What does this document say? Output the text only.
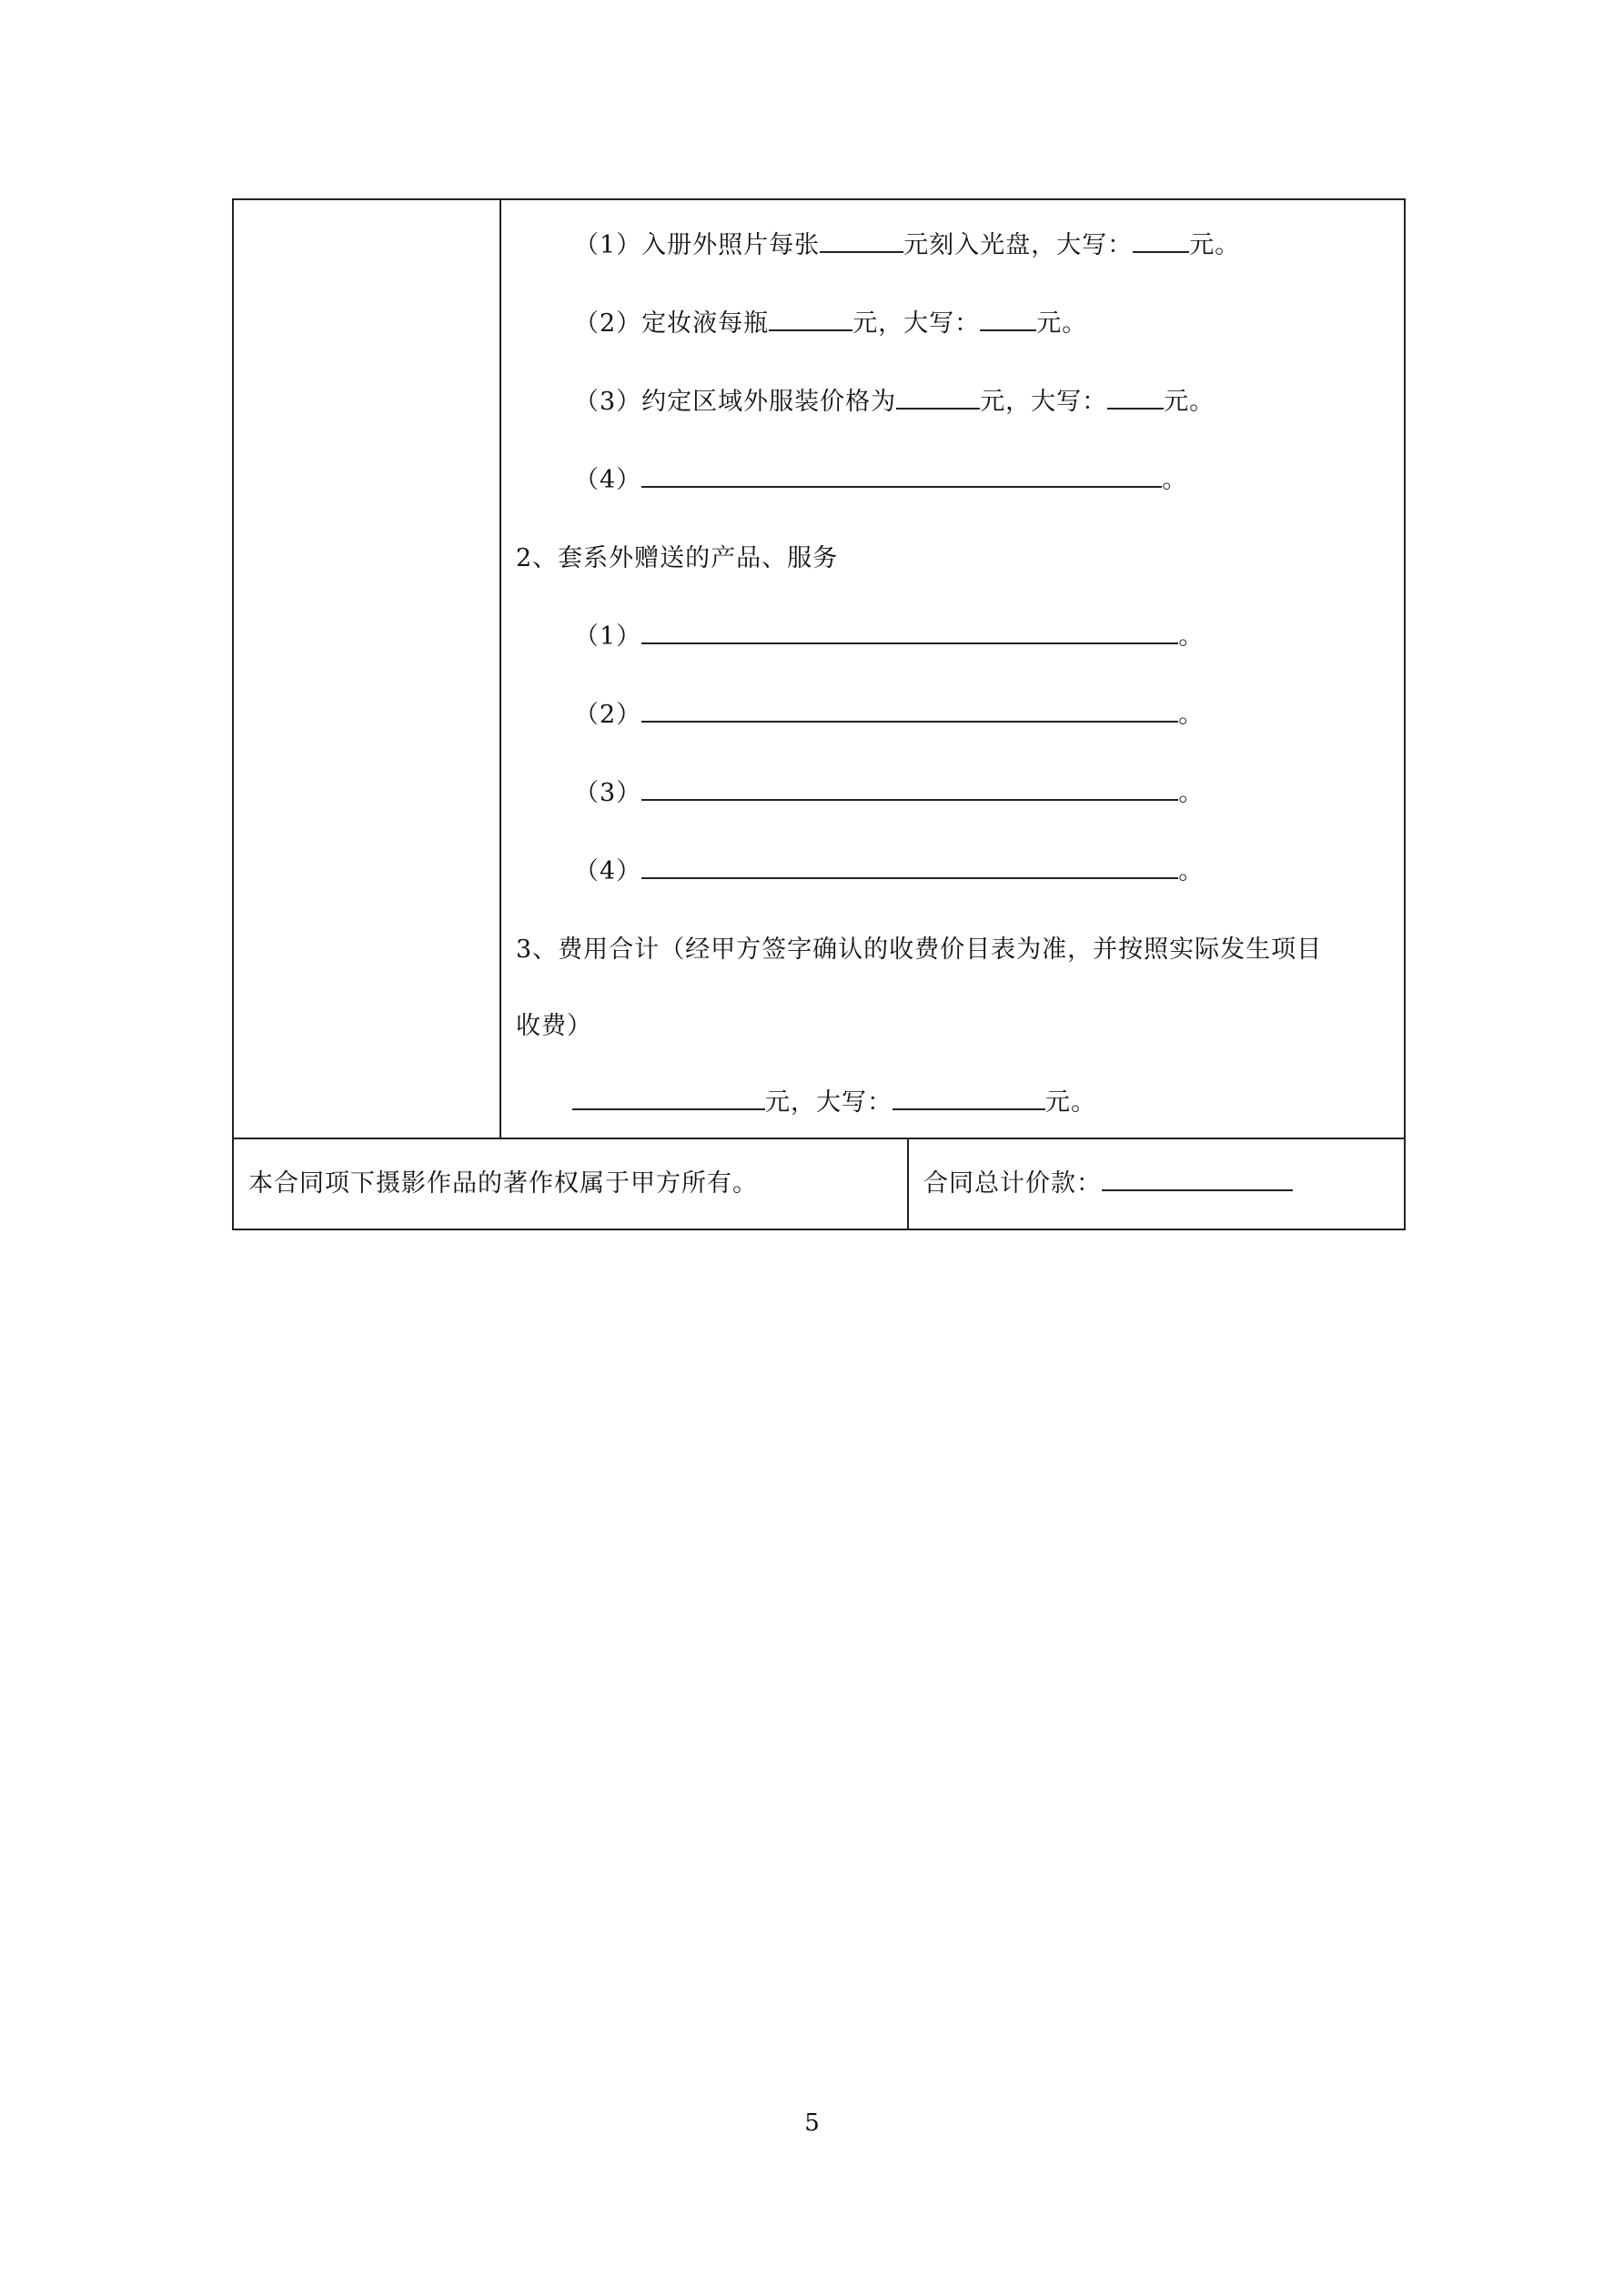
（1）入册外照片每张	元刻入光盘，大写： 元。
（2）定妆液每瓶	元，大写： 元。
（3）约定区域外服装价格为	元，大写： 元。
（4）	。
2、套系外赠送的产品、服务
（1）	。
（2）	。
（3）	。
（4）	。
3、费用合计（经甲方签字确认的收费价目表为准，并按照实际发生项目
收费）
元，大写：	元。
本合同项下摄影作品的著作权属于甲方所有。	合同总计价款：
5
